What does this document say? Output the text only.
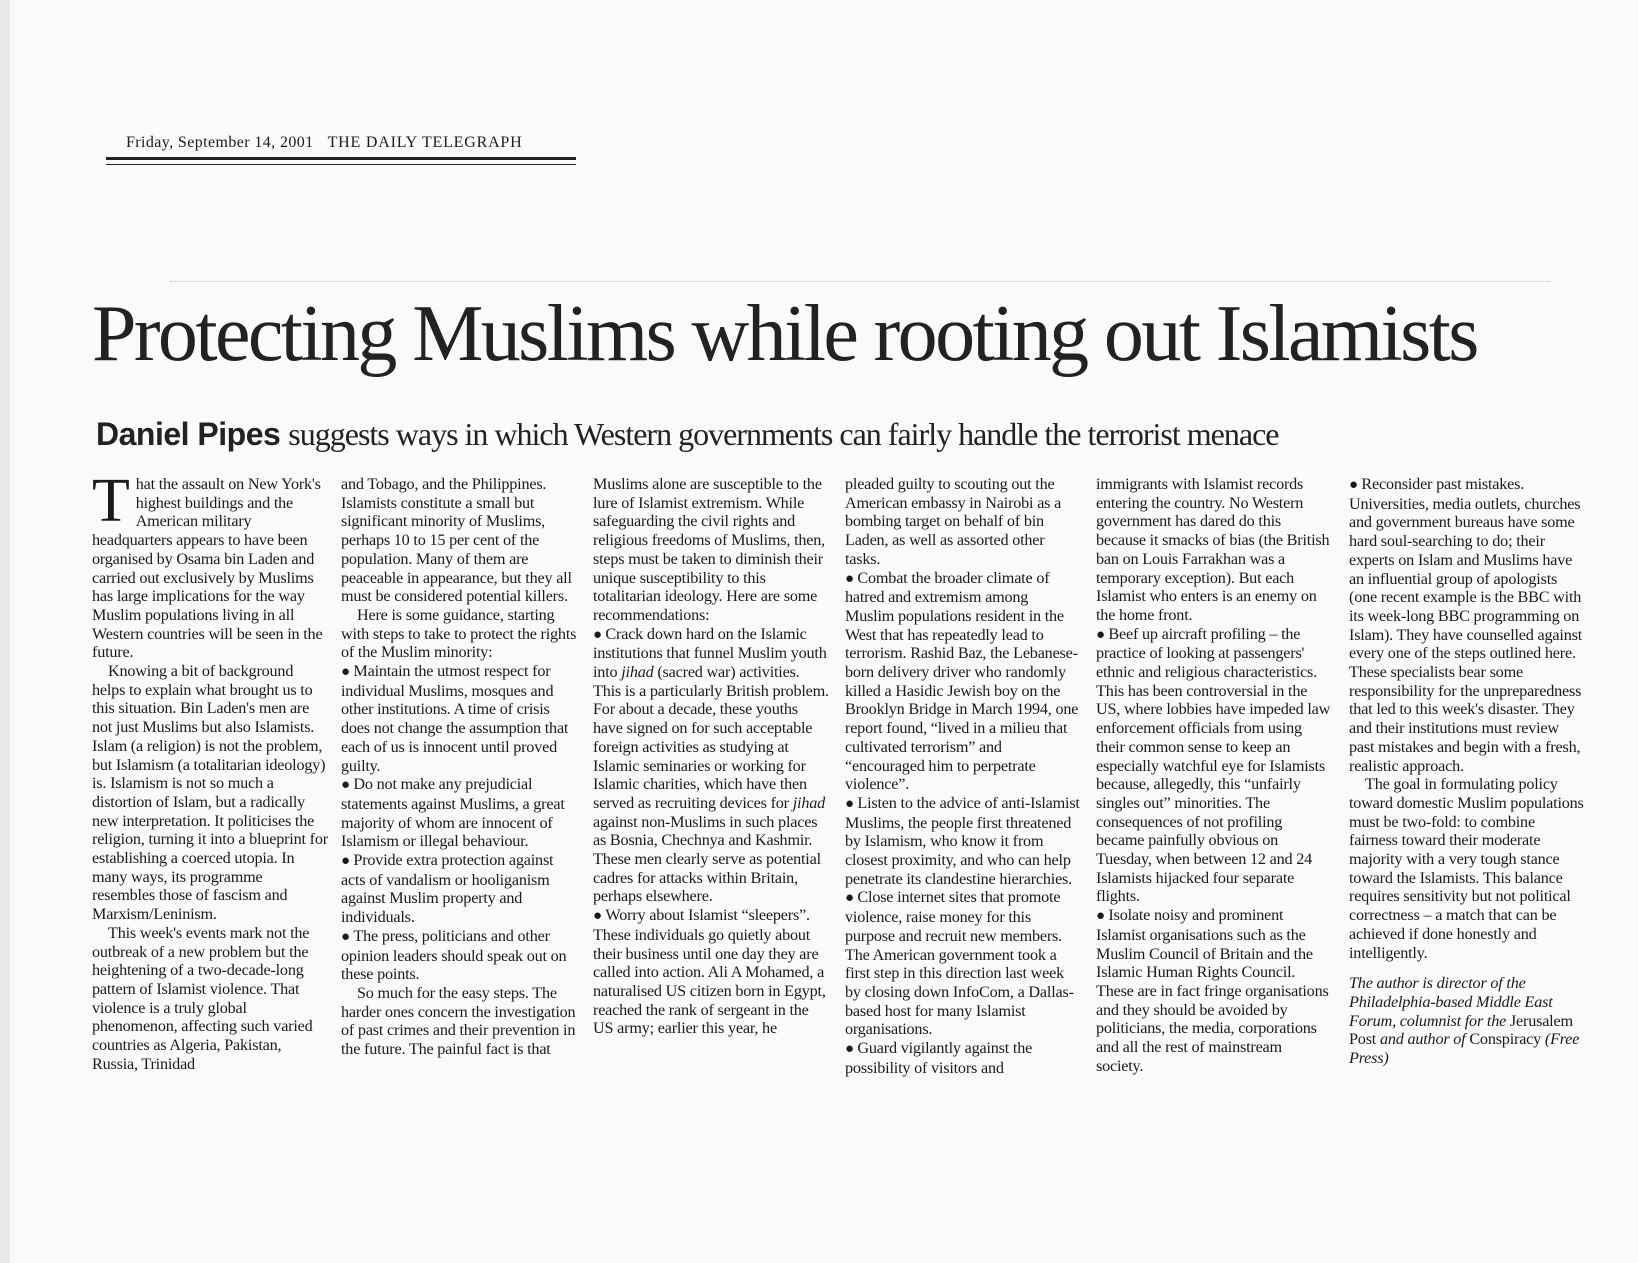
Friday, September 14, 2001 THE DAILY TELEGRAPH
Protecting Muslims while rooting out Islamists
Daniel Pipes suggests ways in which Western governments can fairly handle the terrorist menace

That the assault on New York's highest buildings and the American military headquarters appears to have been organised by Osama bin Laden and carried out exclusively by Muslims has large implications for the way Muslim populations living in all Western countries will be seen in the future.

Knowing a bit of background helps to explain what brought us to this situation. Bin Laden's men are not just Muslims but also Islamists. Islam (a religion) is not the problem, but Islamism (a totalitarian ideology) is. Islamism is not so much a distortion of Islam, but a radically new interpretation. It politicises the religion, turning it into a blueprint for establishing a coerced utopia. In many ways, its programme resembles those of fascism and Marxism/Leninism.

This week's events mark not the outbreak of a new problem but the heightening of a two-decade-long pattern of Islamist violence. That violence is a truly global phenomenon, affecting such varied countries as Algeria, Pakistan, Russia, Trinidad

and Tobago, and the Philippines. Islamists constitute a small but significant minority of Muslims, perhaps 10 to 15 per cent of the population. Many of them are peaceable in appearance, but they all must be considered potential killers.

Here is some guidance, starting with steps to take to protect the rights of the Muslim minority:

● Maintain the utmost respect for individual Muslims, mosques and other institutions. A time of crisis does not change the assumption that each of us is innocent until proved guilty.

● Do not make any prejudicial statements against Muslims, a great majority of whom are innocent of Islamism or illegal behaviour.

● Provide extra protection against acts of vandalism or hooliganism against Muslim property and individuals.

● The press, politicians and other opinion leaders should speak out on these points.

So much for the easy steps. The harder ones concern the investigation of past crimes and their prevention in the future. The painful fact is that

Muslims alone are susceptible to the lure of Islamist extremism. While safeguarding the civil rights and religious freedoms of Muslims, then, steps must be taken to diminish their unique susceptibility to this totalitarian ideology. Here are some recommendations:

● Crack down hard on the Islamic institutions that funnel Muslim youth into jihad (sacred war) activities. This is a particularly British problem. For about a decade, these youths have signed on for such acceptable foreign activities as studying at Islamic seminaries or working for Islamic charities, which have then served as recruiting devices for jihad against non-Muslims in such places as Bosnia, Chechnya and Kashmir. These men clearly serve as potential cadres for attacks within Britain, perhaps elsewhere.

● Worry about Islamist “sleepers”. These individuals go quietly about their business until one day they are called into action. Ali A Mohamed, a naturalised US citizen born in Egypt, reached the rank of sergeant in the US army; earlier this year, he

pleaded guilty to scouting out the American embassy in Nairobi as a bombing target on behalf of bin Laden, as well as assorted other tasks.

● Combat the broader climate of hatred and extremism among Muslim populations resident in the West that has repeatedly lead to terrorism. Rashid Baz, the Lebanese-born delivery driver who randomly killed a Hasidic Jewish boy on the Brooklyn Bridge in March 1994, one report found, “lived in a milieu that cultivated terrorism” and “encouraged him to perpetrate violence”.

● Listen to the advice of anti-Islamist Muslims, the people first threatened by Islamism, who know it from closest proximity, and who can help penetrate its clandestine hierarchies.

● Close internet sites that promote violence, raise money for this purpose and recruit new members. The American government took a first step in this direction last week by closing down InfoCom, a Dallas-based host for many Islamist organisations.

● Guard vigilantly against the possibility of visitors and

immigrants with Islamist records entering the country. No Western government has dared do this because it smacks of bias (the British ban on Louis Farrakhan was a temporary exception). But each Islamist who enters is an enemy on the home front.

● Beef up aircraft profiling – the practice of looking at passengers' ethnic and religious characteristics. This has been controversial in the US, where lobbies have impeded law enforcement officials from using their common sense to keep an especially watchful eye for Islamists because, allegedly, this “unfairly singles out” minorities. The consequences of not profiling became painfully obvious on Tuesday, when between 12 and 24 Islamists hijacked four separate flights.

● Isolate noisy and prominent Islamist organisations such as the Muslim Council of Britain and the Islamic Human Rights Council. These are in fact fringe organisations and they should be avoided by politicians, the media, corporations and all the rest of mainstream society.

● Reconsider past mistakes. Universities, media outlets, churches and government bureaus have some hard soul-searching to do; their experts on Islam and Muslims have an influential group of apologists (one recent example is the BBC with its week-long BBC programming on Islam). They have counselled against every one of the steps outlined here. These specialists bear some responsibility for the unpreparedness that led to this week's disaster. They and their institutions must review past mistakes and begin with a fresh, realistic approach.

The goal in formulating policy toward domestic Muslim populations must be two-fold: to combine fairness toward their moderate majority with a very tough stance toward the Islamists. This balance requires sensitivity but not political correctness – a match that can be achieved if done honestly and intelligently.

The author is director of the Philadelphia-based Middle East Forum, columnist for the Jerusalem Post and author of Conspiracy (Free Press)
